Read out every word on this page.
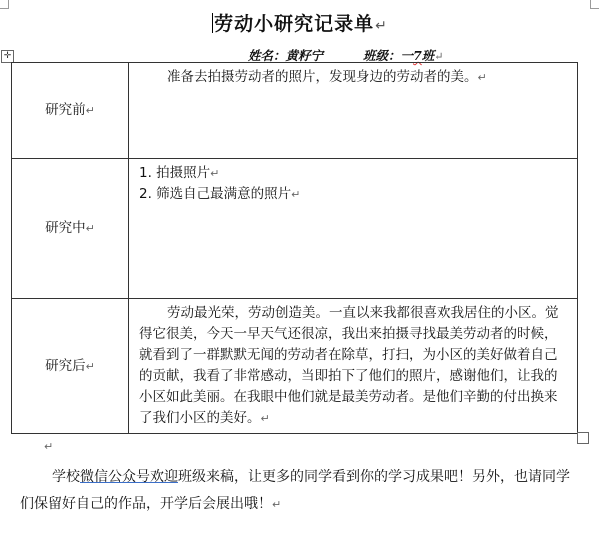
劳动小研究记录单↵
姓名：黄籽宁	班级：一7班↵
✛
研究前↵	准备去拍摄劳动者的照片，发现身边的劳动者的美。↵

研究中↵	1. 拍摄照片↵
2. 筛选自己最满意的照片↵

研究后↵	劳动最光荣，劳动创造美。一直以来我都很喜欢我居住的小区。觉得它很美，今天一早天气还很凉，我出来拍摄寻找最美劳动者的时候，就看到了一群默默无闻的劳动者在除草，打扫，为小区的美好做着自己的贡献，我看了非常感动，当即拍下了他们的照片，感谢他们，让我的小区如此美丽。在我眼中他们就是最美劳动者。是他们辛勤的付出换来了我们小区的美好。↵
↵
学校微信公众号欢迎班级来稿，让更多的同学看到你的学习成果吧！另外，也请同学们保留好自己的作品，开学后会展出哦！↵
